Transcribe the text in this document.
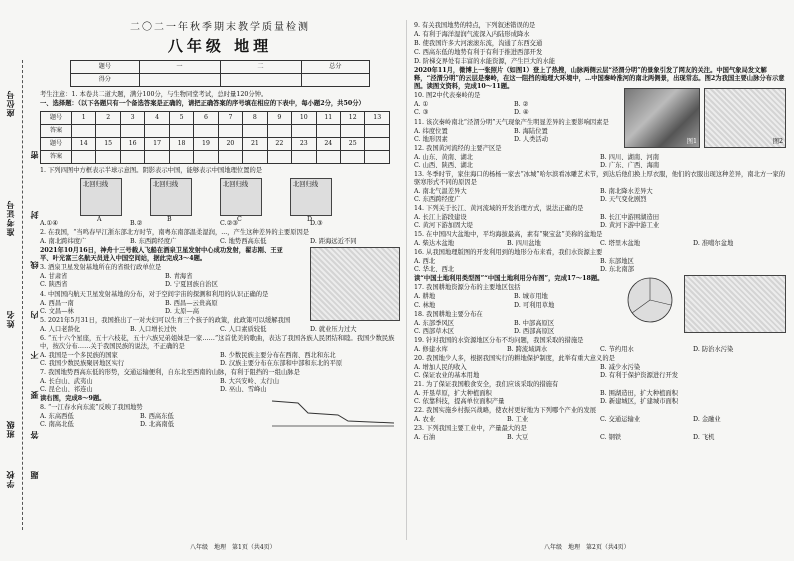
学校
班级
姓名
准考证号
座位号
密
封
线
内
不
要
答
题
二〇二一年秋季期末教学质量检测
八年级 地理
题号	一	二	总分
得分			
考生注意：1. 本卷共二道大题，满分100分，与生物同堂考试，总时量120分钟。
一、选择题：（以下各题只有一个备选答案是正确的，请把正确答案的序号填在相应的下表中，每小题2分，共50分）
题号	1	2	3	4	5	6	7	8	9	10	11	12	13
答案													
题号	14	15	16	17	18	19	20	21	22	23	24	25	
答案													
1. 下列四图中方框表示半球示意图。阴影表示中国，能够表示中国地理位置的是
北回归线
A
北回归线
B
北回归线
C
北回归线
D
A.①④	B.②	C.②③	D.③
2. 在我国，“当鸣春早江浙东部北方时节，南粤东南部温柔湿润，...，产生这种差异的主要原因是
A. 南北跨纬度广	B. 东西跨经度广	C. 地势西高东低	D. 距海远近不同
2021年10月16日，神舟十三号载人飞船在酒泉卫星发射中心成功发射，翟志刚、王亚平、叶光富三名航天员进入中国空间站，据此完成3～4题。
3. 酒泉卫星发射基地所在的省级行政单位是
A. 甘肃省	B. 青海省
C. 陕西省	D. 宁夏回族自治区
4. 中国国内航天卫星发射基地的分布，对于空间宇宙的探测和利用的认识正确的是
A. 西昌一南	B. 西昌—云贵高原
C. 文昌—林	D. 太原—高
5. 2021年5月31日，我国推出了一对夫妇可以生育三个孩子的政策，此政策可以缓解我国
A. 人口老龄化	B. 人口增长过快	C. 人口素质较低	D. 就业压力过大
6. “五十六个星座，五十六枝花，五十六族兄弟姐妹是一家……”这首优美的歌曲，表达了我国各族人民团结和睦。我国少数民族中，按次分布……关于我国民族的说法，不正确的是
A. 我国是一个多民族的国家	B. 少数民族主要分布在西南、西北和东北
C. 我国少数民族聚居地区实行	D. 汉族主要分布在东部和中部和东北的平原
7. 我国地势西高东低的形势，交通运输便利，自东北至西南的山脉，有利于阻挡的一组山脉是
A. 长白山、武夷山	B. 大兴安岭、太行山
C. 昆仑山、祁连山	D. 巫山、雪峰山
读右图，完成8～9题。
8. “一江春水向东流”反映了我国地势
A. 东高西低	B. 西高东低
C. 南高北低	D. 北高南低
八年级　地理　第1页（共4页）
9. 有关我国地势的特点，下列叙述错误的是
A. 有利于海洋湿润气流深入内陆形成降水
B. 使我国许多大河滚滚东流，沟通了东西交通
C. 西高东低的地势有利于有利于推进西部开发
D. 阶梯交界处有丰富的水能资源，产生巨大的水能
2020年11月，微博上一张照片（如图1）登上了热搜，山脉两侧云层“泾渭分明”的景象引发了网友的关注。中国气象局发文解释，“泾渭分明”的云层是秦岭，在这一阻挡的地理大环境中，…中国秦岭淮河的南北两侧景，出现常态。图2为我国主要山脉分布示意图。读图文资料，完成10～11题。
10. 图2中代表秦岭的是
A. ①	B. ②
C. ③	D. ④
11. 该次秦岭南北“泾渭分明”天气现象产生明显差异的主要影响因素是
A. 纬度位置	B. 海陆位置
C. 地形因素	D. 人类活动
12. 我国黄河流经的主要产区是
A. 山东、黄南、湖北	B. 四川、湖南、河南
C. 山西、陕西、湖北	D. 广东、广西、海南
图1	图2
13. 冬季时节，家住海口的杨杨一家去“冰城”哈尔滨看冰雕艺术节，到达后他们换上厚衣服，他们的衣服出现这种差异，南北方一家的驱寒形式不同的原因是
A. 南北气温差异大	B. 南北降水差异大
C. 东西跨经度广	D. 天气变化剧烈
14. 下列关于长江、黄河流域的开发治理方式，说法正确的是
A. 长江上游段建设	B. 长江中游围湖造田
C. 黄河下游加固大堤	D. 黄河下游中游工业
15. 在中国四大盆地中，平均海拔最高，素有“聚宝盆”美称的盆地是
A. 柴达木盆地	B. 四川盆地	C. 塔里木盆地	D. 准噶尔盆地
16. 从我国地理版图的开发利用到的地形分布来看，我们水资源主要
A. 西北	B. 东部地区
C. 华北、西北	D. 东北南部
读“中国土地利用类型图”“中国土地利用分布图”，完成17～18题。
17. 我国耕地资源分布的主要地区包括
A. 耕地	B. 城市用地
C. 林地	D. 可利用草地
18. 我国耕地主要分布在
A. 东部季风区	B. 中部高原区
C. 西部草木区	D. 西部高原区
19. 针对我国的水资源地区分布不均问题，我国采取的措施是
A. 修建水库	B. 跨流域调水	C. 节约用水	D. 防治水污染
20. 我国地少人多，根据我国实行的耕地保护制度，此举有重大意义的是
A. 增加人民的收入	B. 减少水污染
C. 保证农业的基本用地	D. 有利于保护资源进行开发
21. 为了保证我国粮食安全，我们应该采取的措施有
A. 开垦草原，扩大种植面积	B. 围湖造田，扩大种植面积
C. 依靠科技，提高单位面积产量	D. 新建城区，扩建城市面积
22. 我国实施乡村振兴战略，使农村更好地为下列哪个产业的发展
A. 农业	B. 工业	C. 交通运输业	D. 金融业
23. 下列我国主要工业中，产量最大的是
A. 石油	B. 大豆	C. 钢铁	D. 飞机
八年级　地理　第2页（共4页）
